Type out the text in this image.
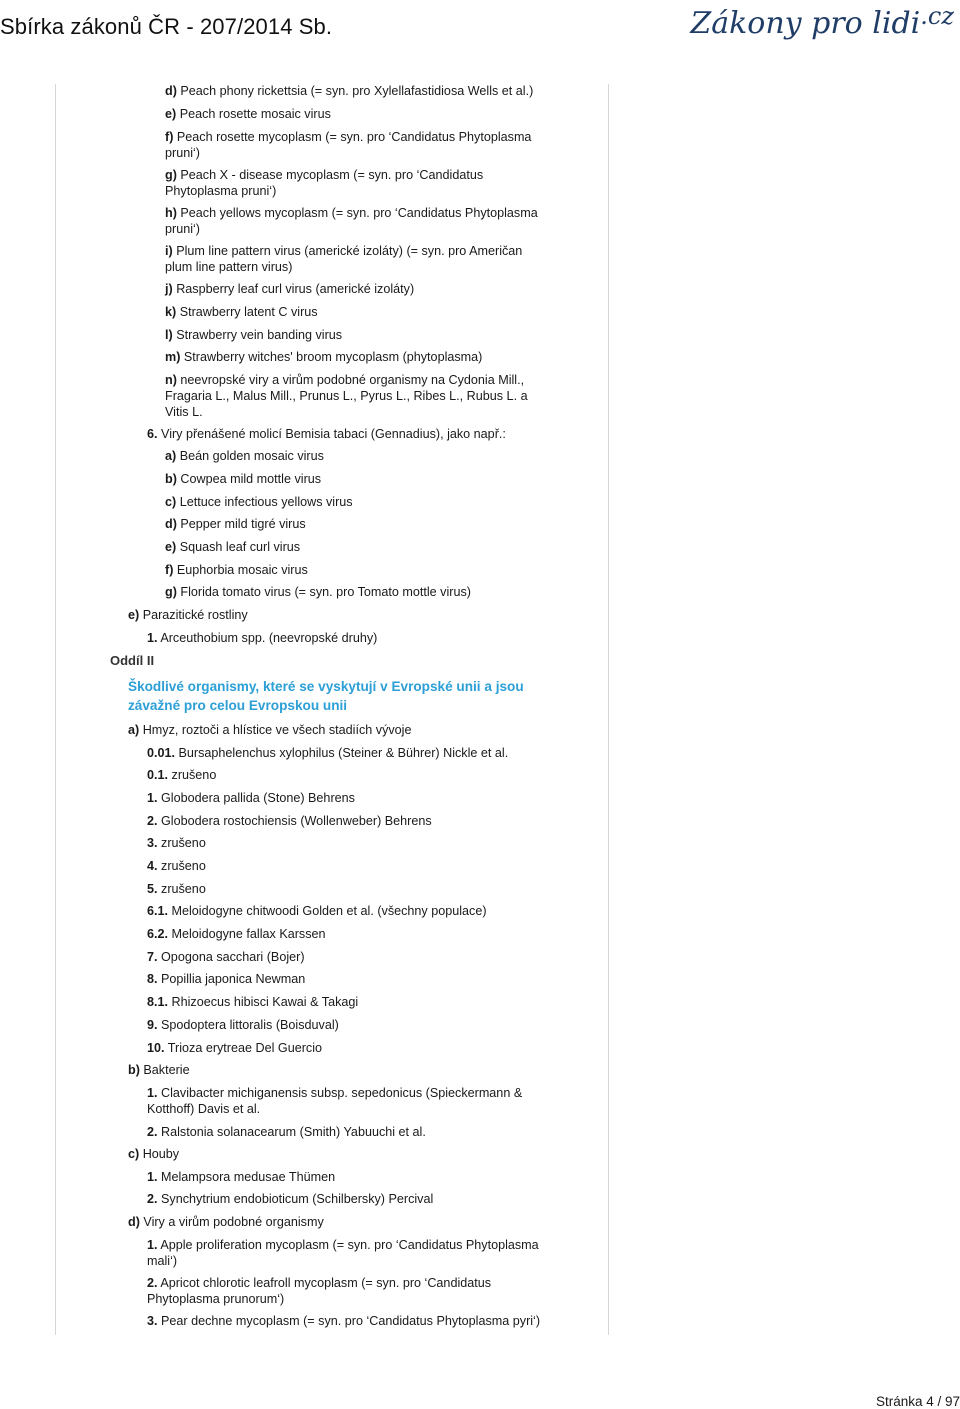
Sbírka zákonů ČR - 207/2014 Sb.	Zákony pro lidi$^{.cz}$
d) Peach phony rickettsia (= syn. pro Xylellafastidiosa Wells et al.)
e) Peach rosette mosaic virus
f) Peach rosette mycoplasm (= syn. pro ‘Candidatus Phytoplasma
pruni‘)
g) Peach X - disease mycoplasm (= syn. pro ‘Candidatus
Phytoplasma pruni‘)
h) Peach yellows mycoplasm (= syn. pro ‘Candidatus Phytoplasma
pruni‘)
i) Plum line pattern virus (americké izoláty) (= syn. pro Američan
plum line pattern virus)
j) Raspberry leaf curl virus (americké izoláty)
k) Strawberry latent C virus
l) Strawberry vein banding virus
m) Strawberry witches' broom mycoplasm (phytoplasma)
n) neevropské viry a virům podobné organismy na Cydonia Mill.,
Fragaria L., Malus Mill., Prunus L., Pyrus L., Ribes L., Rubus L. a
Vitis L.
6. Viry přenášené molicí Bemisia tabaci (Gennadius), jako např.:
a) Beán golden mosaic virus
b) Cowpea mild mottle virus
c) Lettuce infectious yellows virus
d) Pepper mild tigré virus
e) Squash leaf curl virus
f) Euphorbia mosaic virus
g) Florida tomato virus (= syn. pro Tomato mottle virus)
e) Parazitické rostliny
1. Arceuthobium spp. (neevropské druhy)
a) Hmyz, roztoči a hlístice ve všech stadiích vývoje
0.01. Bursaphelenchus xylophilus (Steiner & Bührer) Nickle et al.
0.1. zrušeno
1. Globodera pallida (Stone) Behrens
2. Globodera rostochiensis (Wollenweber) Behrens
3. zrušeno
4. zrušeno
5. zrušeno
6.1. Meloidogyne chitwoodi Golden et al. (všechny populace)
6.2. Meloidogyne fallax Karssen
7. Opogona sacchari (Bojer)
8. Popillia japonica Newman
8.1. Rhizoecus hibisci Kawai & Takagi
9. Spodoptera littoralis (Boisduval)
10. Trioza erytreae Del Guercio
b) Bakterie
1. Clavibacter michiganensis subsp. sepedonicus (Spieckermann &
Kotthoff) Davis et al.
2. Ralstonia solanacearum (Smith) Yabuuchi et al.
c) Houby
1. Melampsora medusae Thümen
2. Synchytrium endobioticum (Schilbersky) Percival
d) Viry a virům podobné organismy
1. Apple proliferation mycoplasm (= syn. pro ‘Candidatus Phytoplasma
mali‘)
2. Apricot chlorotic leafroll mycoplasm (= syn. pro ‘Candidatus
Phytoplasma prunorum‘)
3. Pear dechne mycoplasm (= syn. pro ‘Candidatus Phytoplasma pyri‘)
Oddíl II
Škodlivé organismy, které se vyskytují v Evropské unii a jsou
závažné pro celou Evropskou unii
Stránka 4 / 97
